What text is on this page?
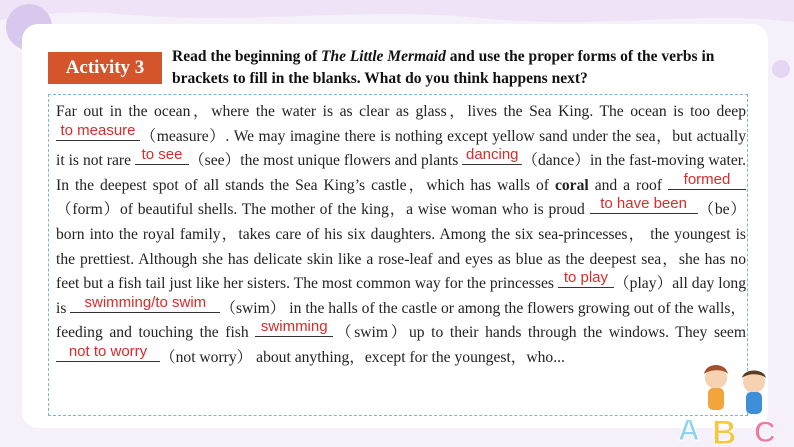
Activity 3
Read the beginning of The Little Mermaid and use the proper forms of the verbs in brackets to fill in the blanks. What do you think happens next?

Far out in the ocean，where the water is as clear as glass，lives the Sea King. The ocean is too deep
to measure （measure）. We may imagine there is nothing except yellow sand under the sea，but actually it is not rare to see （see）the most unique flowers and plants dancing （dance）in the fast-moving water. In the deepest spot of all stands the Sea King’s castle，which has walls of coral and a roof	formed
（form）of beautiful shells. The mother of the king，a wise woman who is proud	to have been （be）born into the royal family，takes care of his six daughters. Among the six sea-princesses， the youngest is the prettiest. Although she has delicate skin like a rose-leaf and eyes as blue as the deepest sea，she has no feet but a fish tail just like her sisters. The most common way for the princesses to play （play）all day long is	swimming/to swim （swim） in the halls of the castle or among the flowers growing out of the walls，feeding and touching the fish swimming （swim）up to their hands through the windows. They seem
not to worry （not worry） about anything，except for the youngest，who...

A B C
